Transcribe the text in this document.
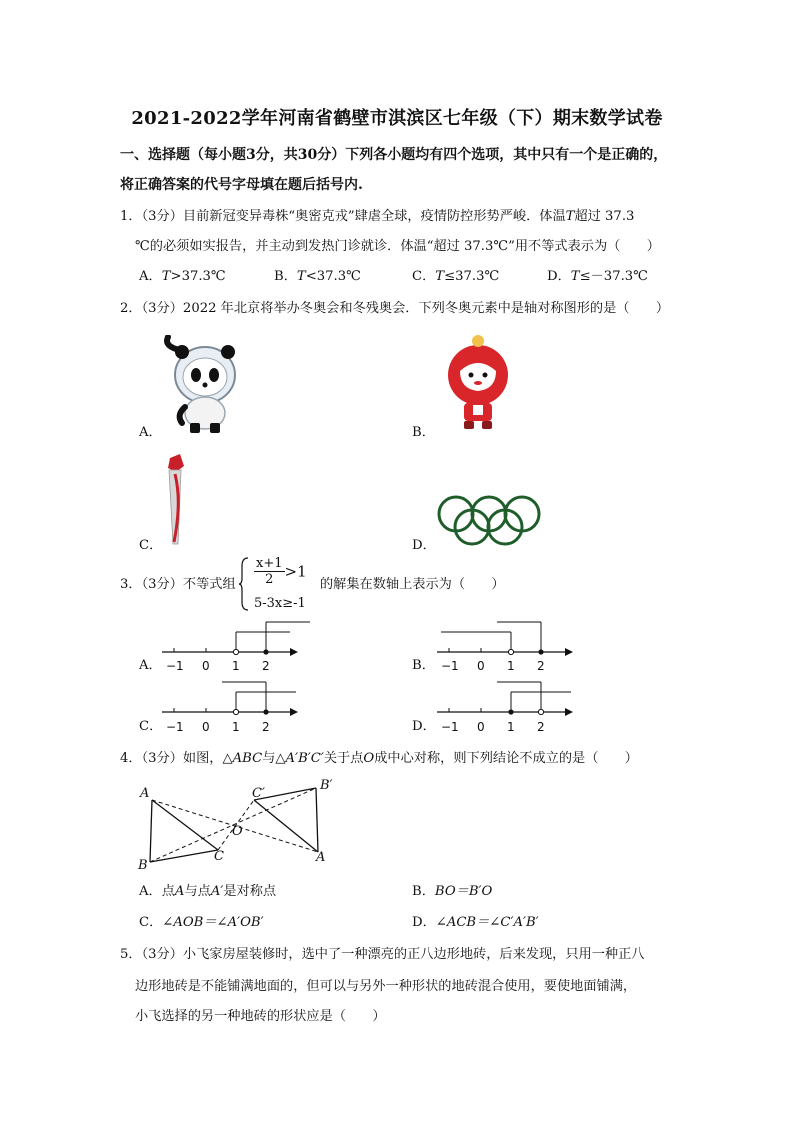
2021-2022学年河南省鹤壁市淇滨区七年级（下）期末数学试卷
一、选择题（每小题3分，共30分）下列各小题均有四个选项，其中只有一个是正确的，
将正确答案的代号字母填在题后括号内.
1．（3分）目前新冠变异毒株“奥密克戎”肆虐全球，疫情防控形势严峻．体温T超过 37.3
℃的必须如实报告，并主动到发热门诊就诊．体温“超过 37.3℃”用不等式表示为（　　）
A．T>37.3℃	B．T<37.3℃	C．T≤37.3℃	D．T≤－37.3℃
2．（3分）2022 年北京将举办冬奥会和冬残奥会．下列冬奥元素中是轴对称图形的是（　　）
A．	B．
C．	D．
3．（3分）不等式组	$\frac{x+1}{2} >1$
5-3x≥-1
的解集在数轴上表示为（　　）
A．	B．
C．	D．
−1 0 1 2	−1 0 1 2
−1 0 1 2	−1 0 1 2
4．（3分）如图，△ABC与△A′B′C′关于点O成中心对称，则下列结论不成立的是（　　）
A
B
C
O
A
B′
C′
A．点A与点A′是对称点	B．BO＝B′O
C．∠AOB＝∠A′OB′	D．∠ACB＝∠C′A′B′
5．（3分）小飞家房屋装修时，选中了一种漂亮的正八边形地砖，后来发现，只用一种正八
边形地砖是不能铺满地面的，但可以与另外一种形状的地砖混合使用，要使地面铺满，
小飞选择的另一种地砖的形状应是（　　）
